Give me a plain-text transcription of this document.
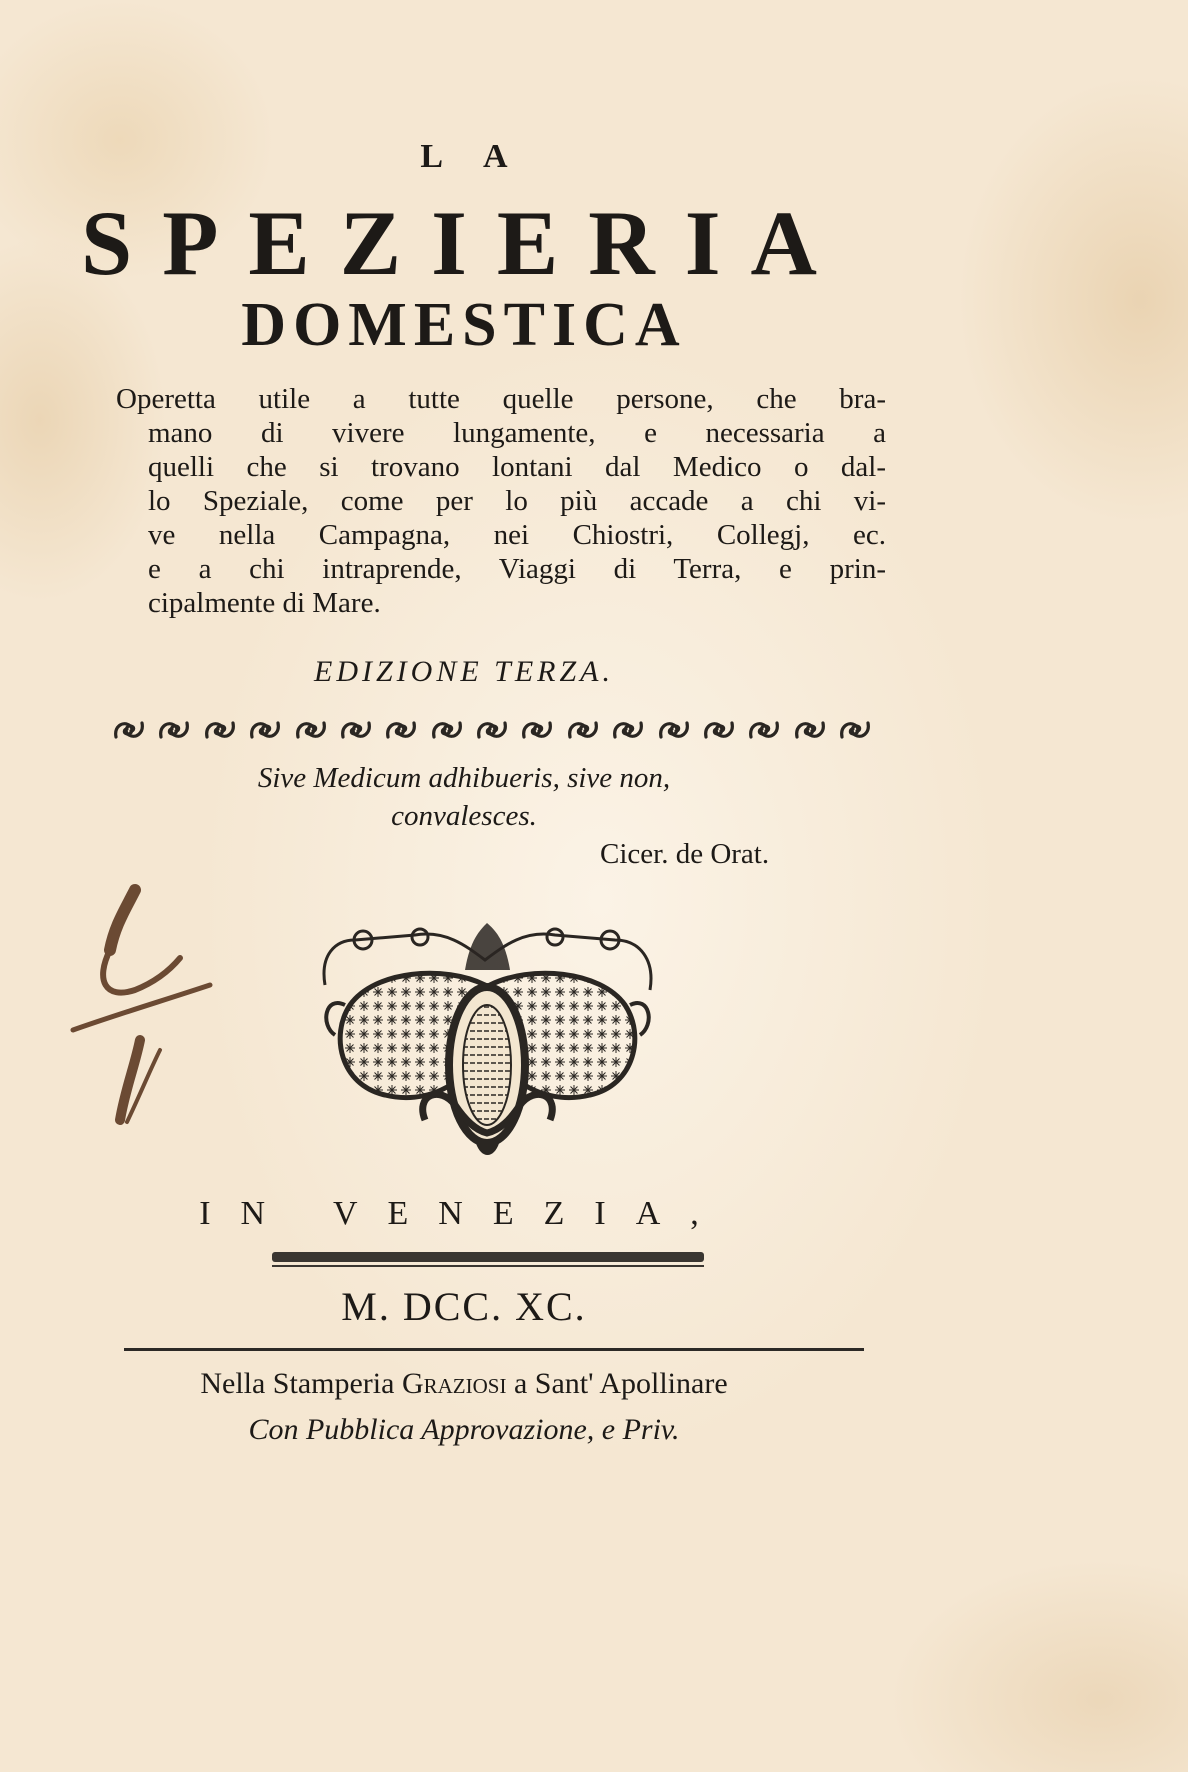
LA
SPEZIERIA
DOMESTICA
Operetta utile a tutte quelle persone, che bra-
mano di vivere lungamente, e necessaria a
quelli che si trovano lontani dal Medico o dal-
lo Speziale, come per lo più accade a chi vi-
ve nella Campagna, nei Chiostri, Collegj, ec.
e a chi intraprende, Viaggi di Terra, e prin-
cipalmente di Mare.
EDIZIONE TERZA.
Sive Medicum adhibueris, sive non,
convalesces.
Cicer. de Orat.
IN VENEZIA,
M. DCC. XC.
Nella Stamperia Graziosi a Sant' Apollinare
Con Pubblica Approvazione, e Priv.
